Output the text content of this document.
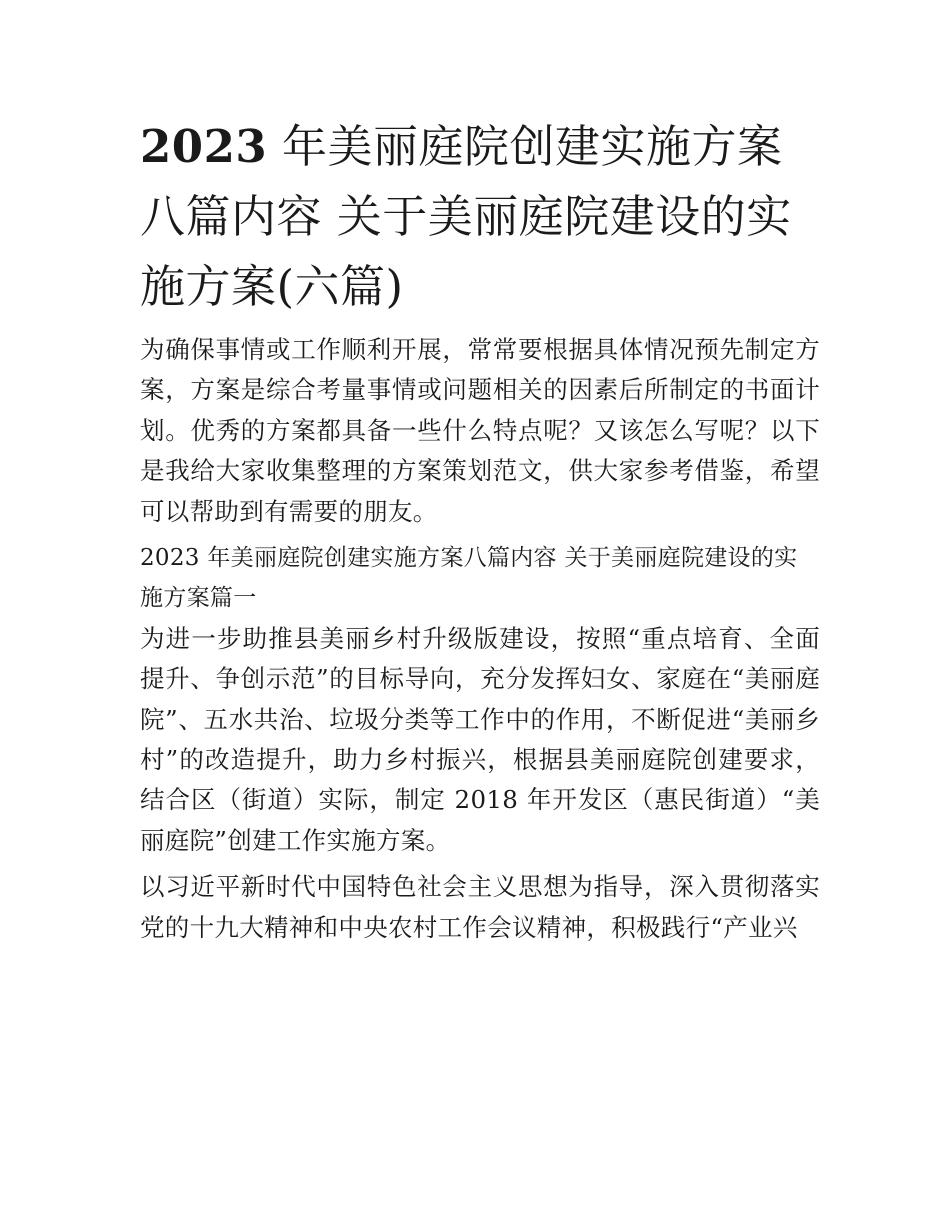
2023 年美丽庭院创建实施方案八篇内容 关于美丽庭院建设的实施方案(六篇)

为确保事情或工作顺利开展，常常要根据具体情况预先制定方案，方案是综合考量事情或问题相关的因素后所制定的书面计划。优秀的方案都具备一些什么特点呢？又该怎么写呢？以下是我给大家收集整理的方案策划范文，供大家参考借鉴，希望可以帮助到有需要的朋友。

2023 年美丽庭院创建实施方案八篇内容 关于美丽庭院建设的实施方案篇一

为进一步助推县美丽乡村升级版建设，按照“重点培育、全面提升、争创示范”的目标导向，充分发挥妇女、家庭在“美丽庭院”、五水共治、垃圾分类等工作中的作用，不断促进“美丽乡村”的改造提升，助力乡村振兴，根据县美丽庭院创建要求，结合区（街道）实际，制定 2018 年开发区（惠民街道）“美丽庭院”创建工作实施方案。

以习近平新时代中国特色社会主义思想为指导，深入贯彻落实党的十九大精神和中央农村工作会议精神，积极践行“产业兴
